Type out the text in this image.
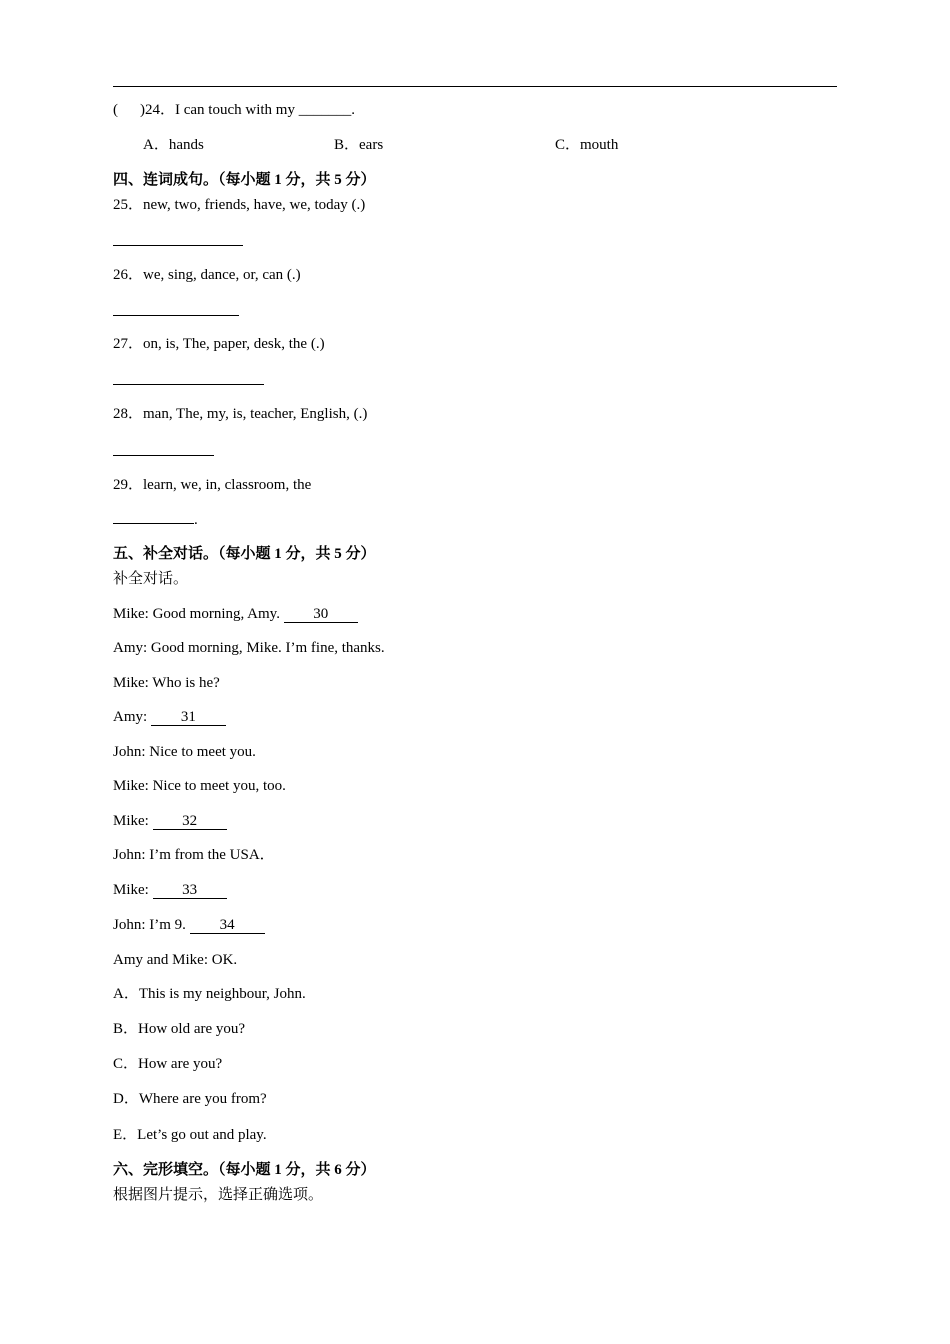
( )24．I can touch with my _______.
A．hands	B．ears	C．mouth
四、连词成句。（每小题 1 分，共 5 分）
25．new, two, friends, have, we, today (.)
26．we, sing, dance, or, can (.)
27．on, is, The, paper, desk, the (.)
28．man, The, my, is, teacher, English, (.)
29．learn, we, in, classroom, the
.
五、补全对话。（每小题 1 分，共 5 分）
补全对话。
Mike: Good morning, Amy. 30
Amy: Good morning, Mike. I’m fine, thanks.
Mike: Who is he?
Amy: 31
John: Nice to meet you.
Mike: Nice to meet you, too.
Mike: 32
John: I’m from the USA．
Mike: 33
John: I’m 9. 34
Amy and Mike: OK.
A．This is my neighbour, John.
B．How old are you?
C．How are you?
D．Where are you from?
E．Let’s go out and play.
六、完形填空。（每小题 1 分，共 6 分）
根据图片提示，选择正确选项。
